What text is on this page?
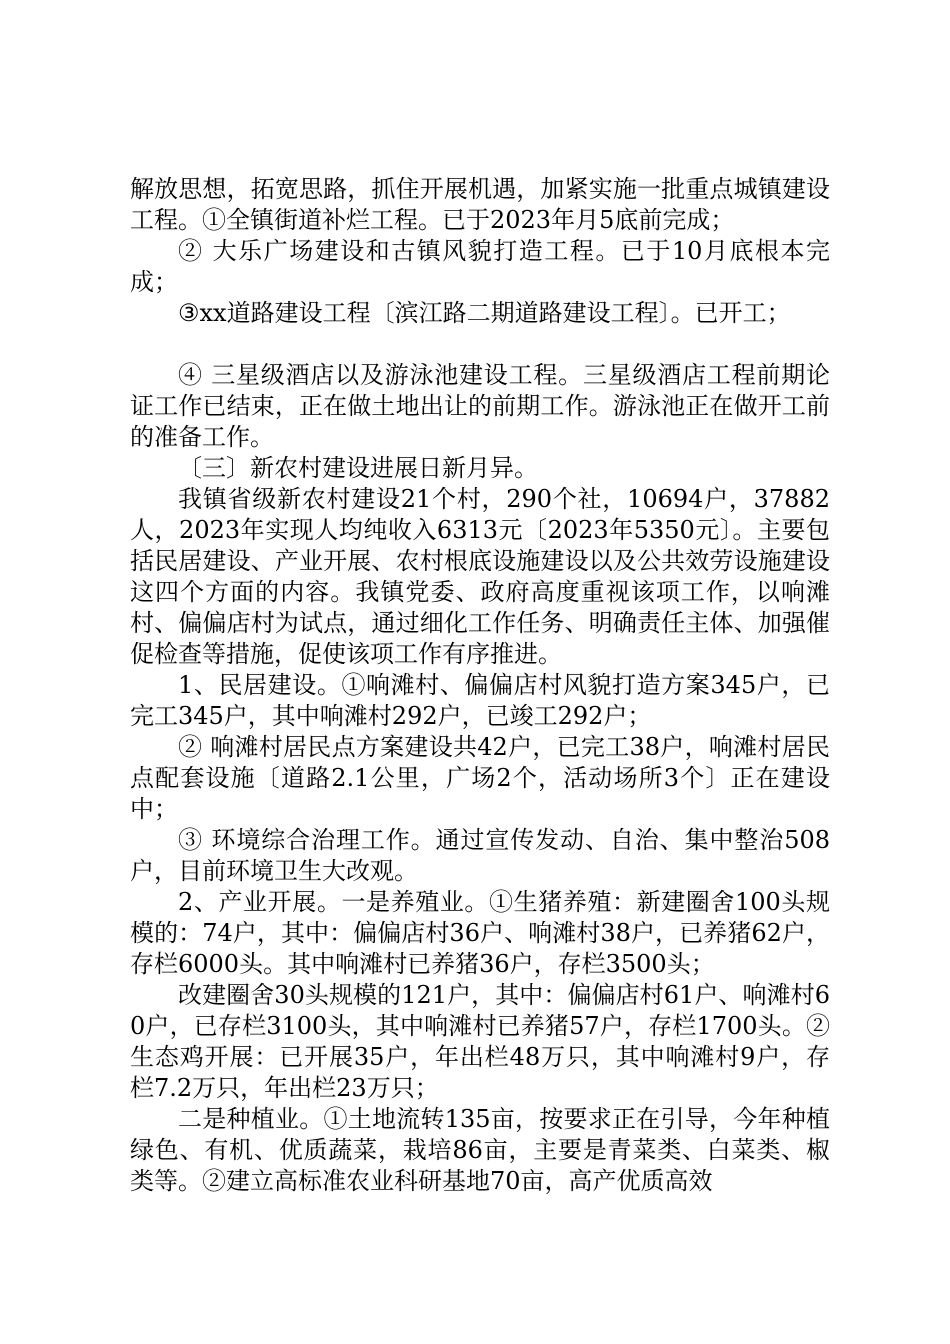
解放思想，拓宽思路，抓住开展机遇，加紧实施一批重点城镇建设工程。①全镇街道补烂工程。已于2023年月5底前完成；

② 大乐广场建设和古镇风貌打造工程。已于10月底根本完成；

③xx道路建设工程〔滨江路二期道路建设工程〕。已开工；

④ 三星级酒店以及游泳池建设工程。三星级酒店工程前期论证工作已结束，正在做土地出让的前期工作。游泳池正在做开工前的准备工作。

〔三〕新农村建设进展日新月异。

我镇省级新农村建设21个村，290个社，10694户，37882人，2023年实现人均纯收入6313元〔2023年5350元〕。主要包括民居建设、产业开展、农村根底设施建设以及公共效劳设施建设这四个方面的内容。我镇党委、政府高度重视该项工作，以响滩村、偏偏店村为试点，通过细化工作任务、明确责任主体、加强催促检查等措施，促使该项工作有序推进。

1、民居建设。①响滩村、偏偏店村风貌打造方案345户，已完工345户，其中响滩村292户，已竣工292户；

② 响滩村居民点方案建设共42户，已完工38户，响滩村居民点配套设施〔道路2.1公里，广场2个，活动场所3个〕正在建设中；

③ 环境综合治理工作。通过宣传发动、自治、集中整治508户，目前环境卫生大改观。

2、产业开展。一是养殖业。①生猪养殖：新建圈舍100头规模的：74户，其中：偏偏店村36户、响滩村38户，已养猪62户，存栏6000头。其中响滩村已养猪36户，存栏3500头；

改建圈舍30头规模的121户，其中：偏偏店村61户、响滩村60户，已存栏3100头，其中响滩村已养猪57户，存栏1700头。②生态鸡开展：已开展35户，年出栏48万只，其中响滩村9户，存栏7.2万只，年出栏23万只；

二是种植业。①土地流转135亩，按要求正在引导，今年种植绿色、有机、优质蔬菜，栽培86亩，主要是青菜类、白菜类、椒类等。②建立高标准农业科研基地70亩，高产优质高效
